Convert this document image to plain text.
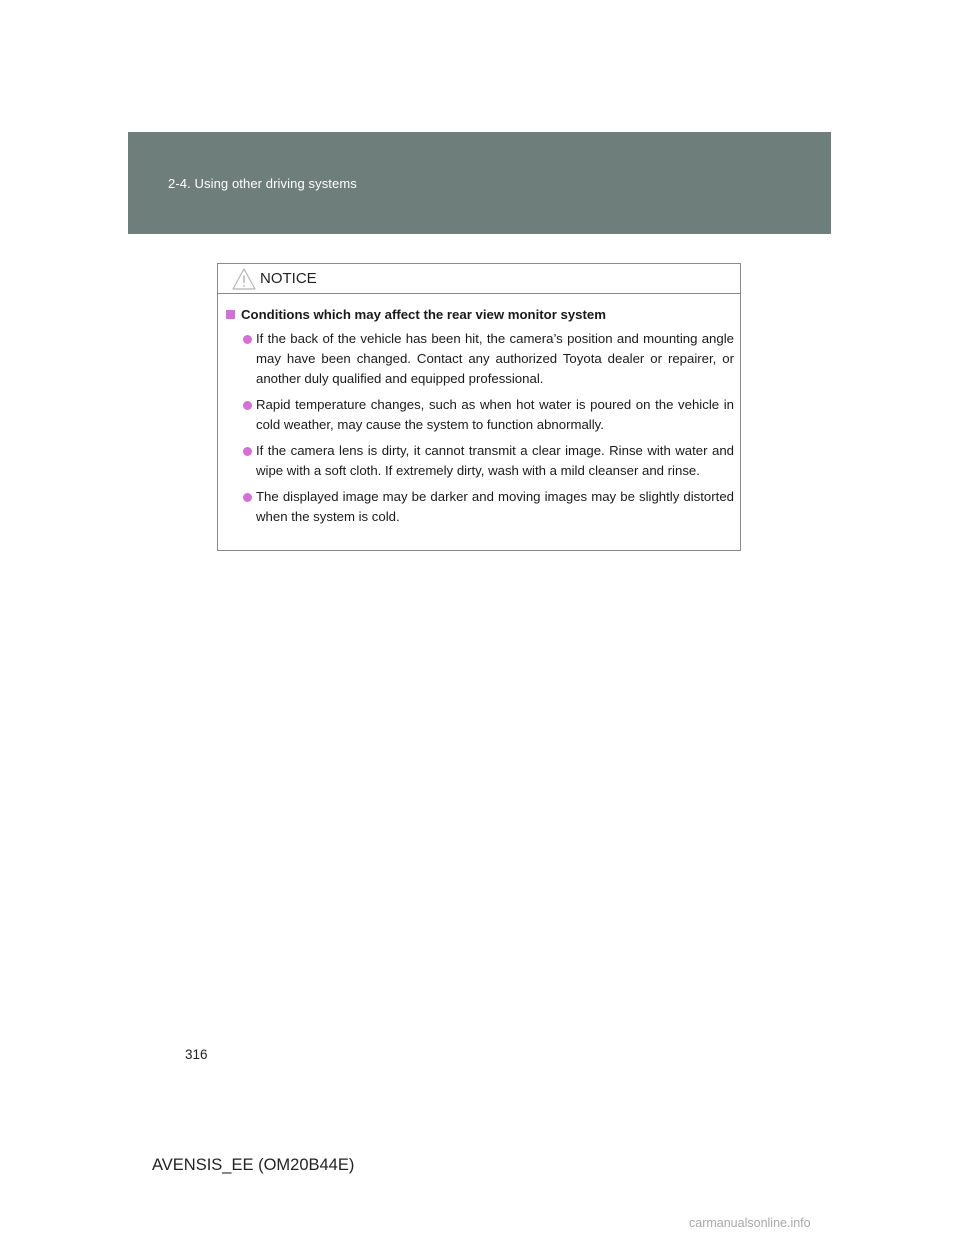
2-4. Using other driving systems
NOTICE
Conditions which may affect the rear view monitor system
If the back of the vehicle has been hit, the camera’s position and mounting angle may have been changed. Contact any authorized Toyota dealer or repairer, or another duly qualified and equipped professional.
Rapid temperature changes, such as when hot water is poured on the vehicle in cold weather, may cause the system to function abnormally.
If the camera lens is dirty, it cannot transmit a clear image. Rinse with water and wipe with a soft cloth. If extremely dirty, wash with a mild cleanser and rinse.
The displayed image may be darker and moving images may be slightly distorted when the system is cold.
316
AVENSIS_EE (OM20B44E)
carmanualsonline.info
